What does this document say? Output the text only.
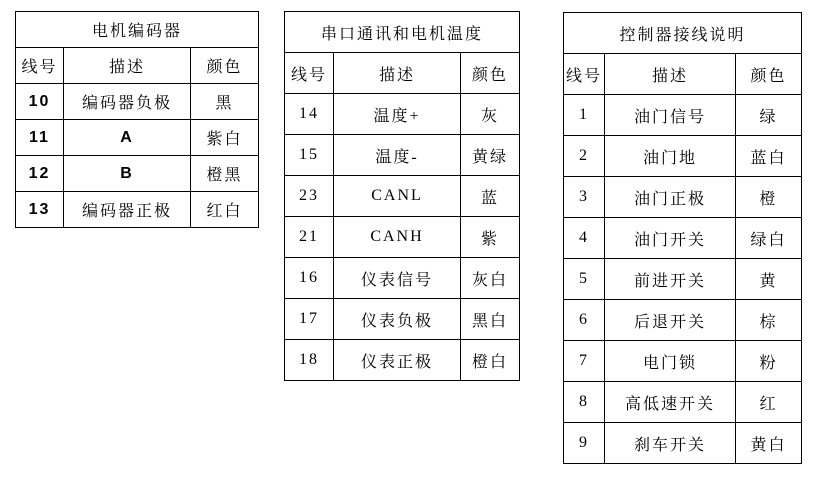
电机编码器		
线号	描述	颜色
10	编码器负极	黑
11	A	紫白
12	B	橙黑
13	编码器正极	红白
串口通讯和电机温度		
线号	描述	颜色
14	温度+	灰
15	温度-	黄绿
23	CANL	蓝
21	CANH	紫
16	仪表信号	灰白
17	仪表负极	黑白
18	仪表正极	橙白
控制器接线说明		
线号	描述	颜色
1	油门信号	绿
2	油门地	蓝白
3	油门正极	橙
4	油门开关	绿白
5	前进开关	黄
6	后退开关	棕
7	电门锁	粉
8	高低速开关	红
9	刹车开关	黄白
